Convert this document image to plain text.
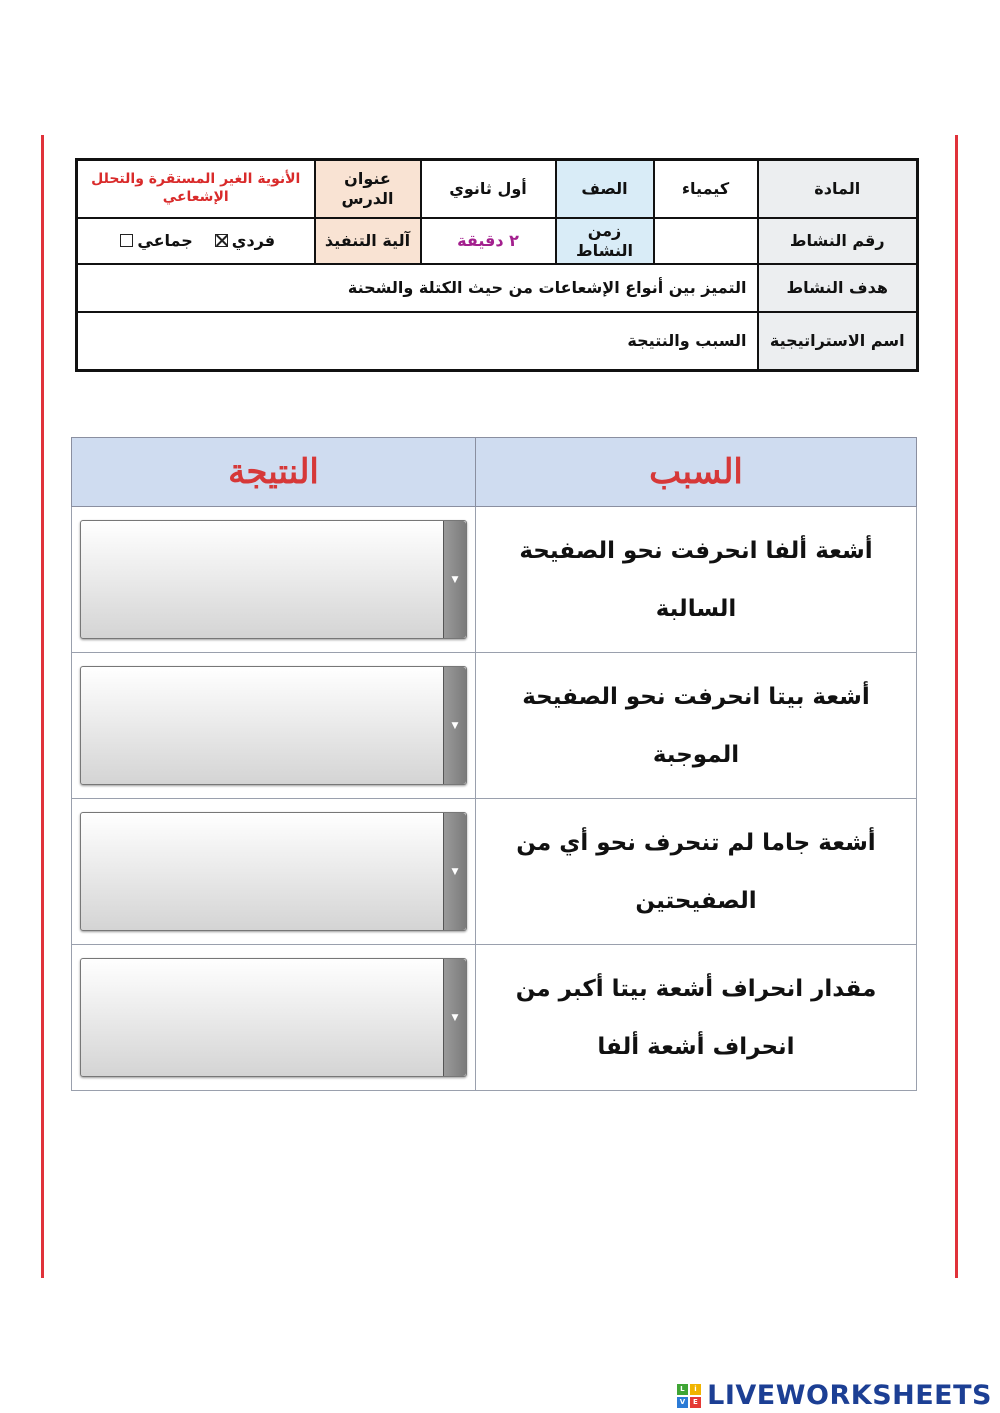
المادة	كيمياء	الصف	أول ثانوي	عنوان الدرس	الأنوية الغير المستقرة والتحلل الإشعاعي
رقم النشاط		زمن النشاط	٢ دقيقة	آلية التنفيذ	فردي
جماعي

هدف النشاط	التميز بين أنواع الإشعاعات من حيث الكتلة والشحنة				
اسم الاستراتيجية	السبب والنتيجة				
السبب	النتيجة
أشعة ألفا انحرفت نحو الصفيحة السالبة	▼

أشعة بيتا انحرفت نحو الصفيحة الموجبة	▼

أشعة جاما لم تنحرف نحو أي من الصفيحتين	▼

مقدار انحراف أشعة بيتا أكبر من انحراف أشعة ألفا	▼
L	i
V	E LIVEWORKSHEETS
